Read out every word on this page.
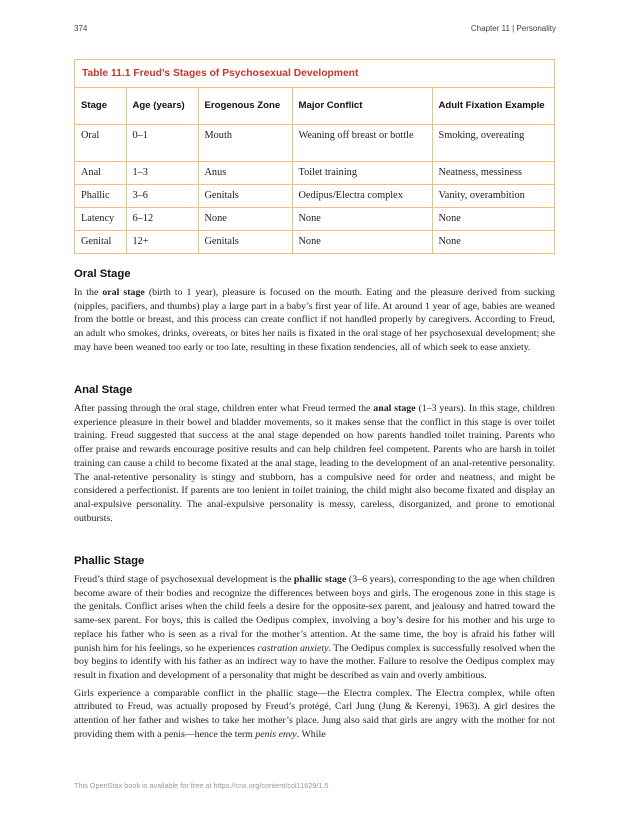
374	Chapter 11 | Personality
Table 11.1 Freud’s Stages of Psychosexual Development
Stage	Age (years)	Erogenous Zone	Major Conflict	Adult Fixation Example
Oral	0–1	Mouth	Weaning off breast or bottle	Smoking, overeating
Anal	1–3	Anus	Toilet training	Neatness, messiness
Phallic	3–6	Genitals	Oedipus/Electra complex	Vanity, overambition
Latency	6–12	None	None	None
Genital	12+	Genitals	None	None
Oral Stage

In the oral stage (birth to 1 year), pleasure is focused on the mouth. Eating and the pleasure derived from sucking (nipples, pacifiers, and thumbs) play a large part in a baby’s first year of life. At around 1 year of age, babies are weaned from the bottle or breast, and this process can create conflict if not handled properly by caregivers. According to Freud, an adult who smokes, drinks, overeats, or bites her nails is fixated in the oral stage of her psychosexual development; she may have been weaned too early or too late, resulting in these fixation tendencies, all of which seek to ease anxiety.

Anal Stage

After passing through the oral stage, children enter what Freud termed the anal stage (1–3 years). In this stage, children experience pleasure in their bowel and bladder movements, so it makes sense that the conflict in this stage is over toilet training. Freud suggested that success at the anal stage depended on how parents handled toilet training. Parents who offer praise and rewards encourage positive results and can help children feel competent. Parents who are harsh in toilet training can cause a child to become fixated at the anal stage, leading to the development of an anal-retentive personality. The anal-retentive personality is stingy and stubborn, has a compulsive need for order and neatness, and might be considered a perfectionist. If parents are too lenient in toilet training, the child might also become fixated and display an anal-expulsive personality. The anal-expulsive personality is messy, careless, disorganized, and prone to emotional outbursts.

Phallic Stage

Freud’s third stage of psychosexual development is the phallic stage (3–6 years), corresponding to the age when children become aware of their bodies and recognize the differences between boys and girls. The erogenous zone in this stage is the genitals. Conflict arises when the child feels a desire for the opposite-sex parent, and jealousy and hatred toward the same-sex parent. For boys, this is called the Oedipus complex, involving a boy’s desire for his mother and his urge to replace his father who is seen as a rival for the mother’s attention. At the same time, the boy is afraid his father will punish him for his feelings, so he experiences castration anxiety. The Oedipus complex is successfully resolved when the boy begins to identify with his father as an indirect way to have the mother. Failure to resolve the Oedipus complex may result in fixation and development of a personality that might be described as vain and overly ambitious.

Girls experience a comparable conflict in the phallic stage—the Electra complex. The Electra complex, while often attributed to Freud, was actually proposed by Freud’s protégé, Carl Jung (Jung & Kerenyi, 1963). A girl desires the attention of her father and wishes to take her mother’s place. Jung also said that girls are angry with the mother for not providing them with a penis—hence the term penis envy. While

This OpenStax book is available for free at https://cnx.org/content/col11629/1.5
